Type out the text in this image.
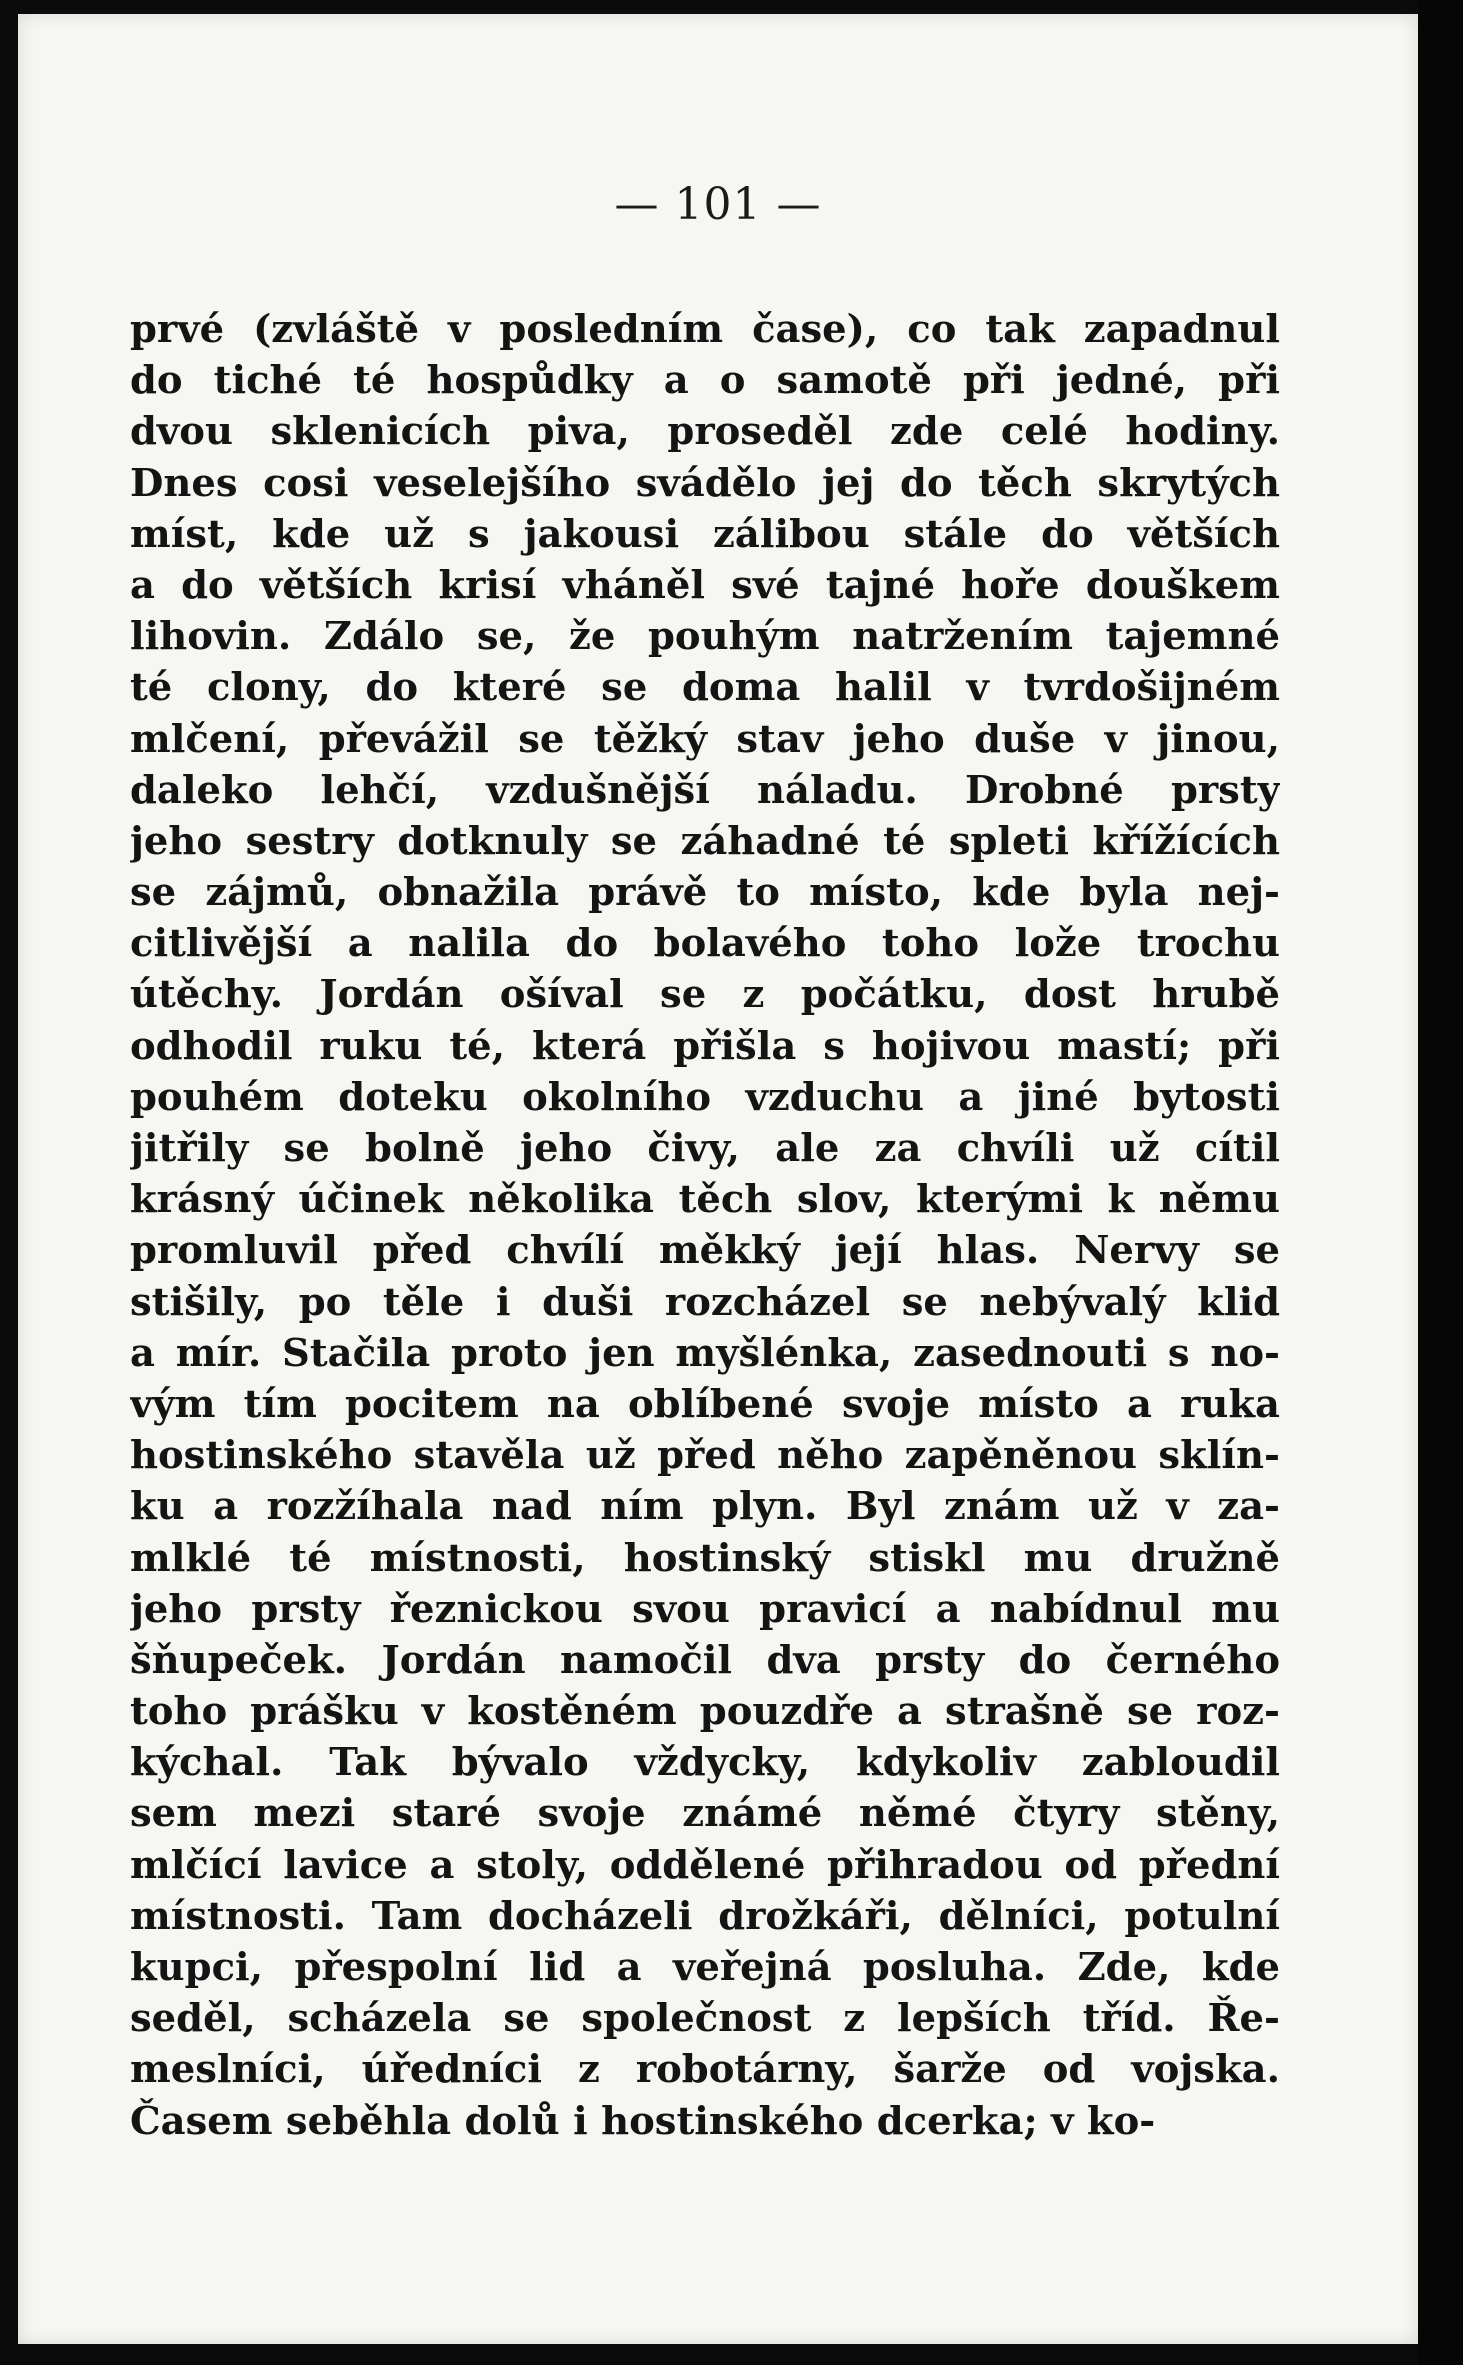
— 101 —
prvé (zvláště v posledním čase), co tak zapadnul
do tiché té hospůdky a o samotě při jedné, při
dvou sklenicích piva, proseděl zde celé hodiny.
Dnes cosi veselejšího svádělo jej do těch skrytých
míst, kde už s jakousi zálibou stále do větších
a do větších krisí vháněl své tajné hoře douškem
lihovin. Zdálo se, že pouhým natržením tajemné
té clony, do které se doma halil v tvrdošijném
mlčení, převážil se těžký stav jeho duše v jinou,
daleko lehčí, vzdušnější náladu. Drobné prsty
jeho sestry dotknuly se záhadné té spleti křížících
se zájmů, obnažila právě to místo, kde byla nej-
citlivější a nalila do bolavého toho lože trochu
útěchy. Jordán ošíval se z počátku, dost hrubě
odhodil ruku té, která přišla s hojivou mastí; při
pouhém doteku okolního vzduchu a jiné bytosti
jitřily se bolně jeho čivy, ale za chvíli už cítil
krásný účinek několika těch slov, kterými k němu
promluvil před chvílí měkký její hlas. Nervy se
stišily, po těle i duši rozcházel se nebývalý klid
a mír. Stačila proto jen myšlénka, zasednouti s no-
vým tím pocitem na oblíbené svoje místo a ruka
hostinského stavěla už před něho zapěněnou sklín-
ku a rozžíhala nad ním plyn. Byl znám už v za-
mlklé té místnosti, hostinský stiskl mu družně
jeho prsty řeznickou svou pravicí a nabídnul mu
šňupeček. Jordán namočil dva prsty do černého
toho prášku v kostěném pouzdře a strašně se roz-
kýchal. Tak bývalo vždycky, kdykoliv zabloudil
sem mezi staré svoje známé němé čtyry stěny,
mlčící lavice a stoly, oddělené přihradou od přední
místnosti. Tam docházeli drožkáři, dělníci, potulní
kupci, přespolní lid a veřejná posluha. Zde, kde
seděl, scházela se společnost z lepších tříd. Ře-
meslníci, úředníci z robotárny, šarže od vojska.
Časem seběhla dolů i hostinského dcerka; v ko-
